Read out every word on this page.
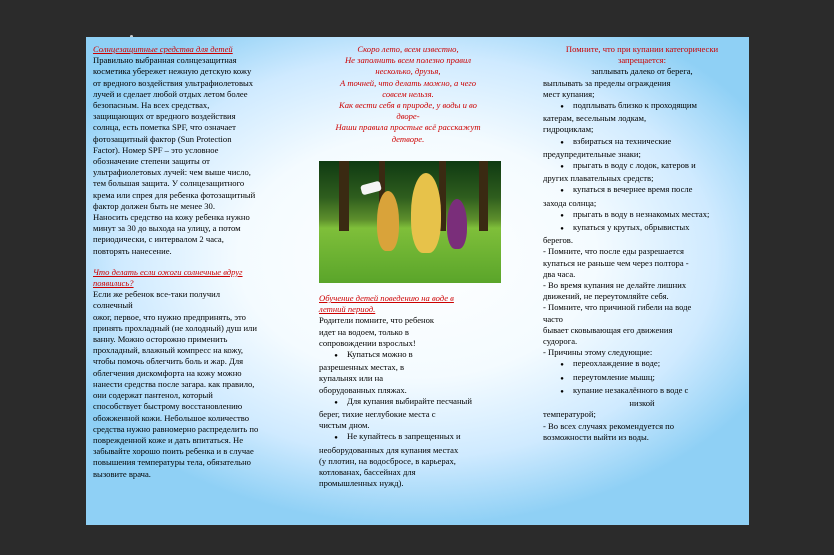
Солнцезащитные средства для детей

Правильно выбранная солнцезащитная

косметика убережет нежную детскую кожу

от вредного воздействия ультрафиолетовых

лучей и сделает любой отдых летом более

безопасным. На всех средствах,

защищающих от вредного воздействия

солнца, есть пометка SPF, что означает

фотозащитный фактор (Sun Protection

Factor). Номер SPF – это условное

обозначение степени защиты от

ультрафиолетовых лучей: чем выше число,

тем большая защита. У солнцезащитного

крема или спрея для ребенка фотозащитный

фактор должен быть не менее 30.

Наносить средство на кожу ребенка нужно

минут за 30 до выхода на улицу, а потом

периодически, с интервалом 2 часа,

повторять нанесение.

Что делать если ожоги солнечные вдруг

появились?

Если же ребенок все-таки получил

солнечный

ожог, первое, что нужно предпринять, это

принять прохладный (не холодный) душ или

ванну. Можно осторожно применить

прохладный, влажный компресс на кожу,

чтобы помочь облегчить боль и жар. Для

облегчения дискомфорта на кожу можно

нанести средства после загара. как правило,

они содержат пантенол, который

способствует быстрому восстановлению

обожженной кожи. Небольшое количество

средства нужно равномерно распределить по

поврежденной коже и дать впитаться. Не

забывайте хорошо поить ребенка и в случае

повышения температуры тела, обязательно

вызовите врача.

Скоро лето, всем известно,

Не заполнить всем полезно правил

несколько, друзья,

А точней, что делать можно, а чего

совсем нельзя.

Как вести себя в природе, у воды и во

дворе-

Наши правила простые всё расскажут

детворе.

Обучение детей поведению на воде в

летний период.

Родители помните, что ребенок

идет на водоем, только в

сопровождении взрослых!

● Купаться можно в

разрешенных местах, в

купальнях или на

оборудованных пляжах.

● Для купания выбирайте песчаный

берег, тихие неглубокие места с

чистым дном.

● Не купайтесь в запрещенных и

необорудованных для купания местах

(у плотин, на водосбросе, в карьерах,

котлованах, бассейнах для

промышленных нужд).

Помните, что при купании категорически

запрещается:

заплывать далеко от берега,

выплывать за пределы ограждения

мест купания;

● подплывать близко к проходящим

катерам, весельным лодкам,

гидроциклам;

● взбираться на технические

предупредительные знаки;

● прыгать в воду с лодок, катеров и

других плавательных средств;

● купаться в вечернее время после

захода солнца;

● прыгать в воду в незнакомых местах;

● купаться у крутых, обрывистых

берегов.

- Помните, что после еды разрешается

купаться не раньше чем через полтора -

два часа.

- Во время купания не делайте лишних

движений, не переутомляйте себя.

- Помните, что причиной гибели на воде

часто

бывает сковывающая его движения

судорога.

- Причины этому следующие:

● переохлаждение в воде;

● переутомление мышц;

● купание незакалённого в воде с

низкой

температурой;

- Во всех случаях рекомендуется по

возможности выйти из воды.
